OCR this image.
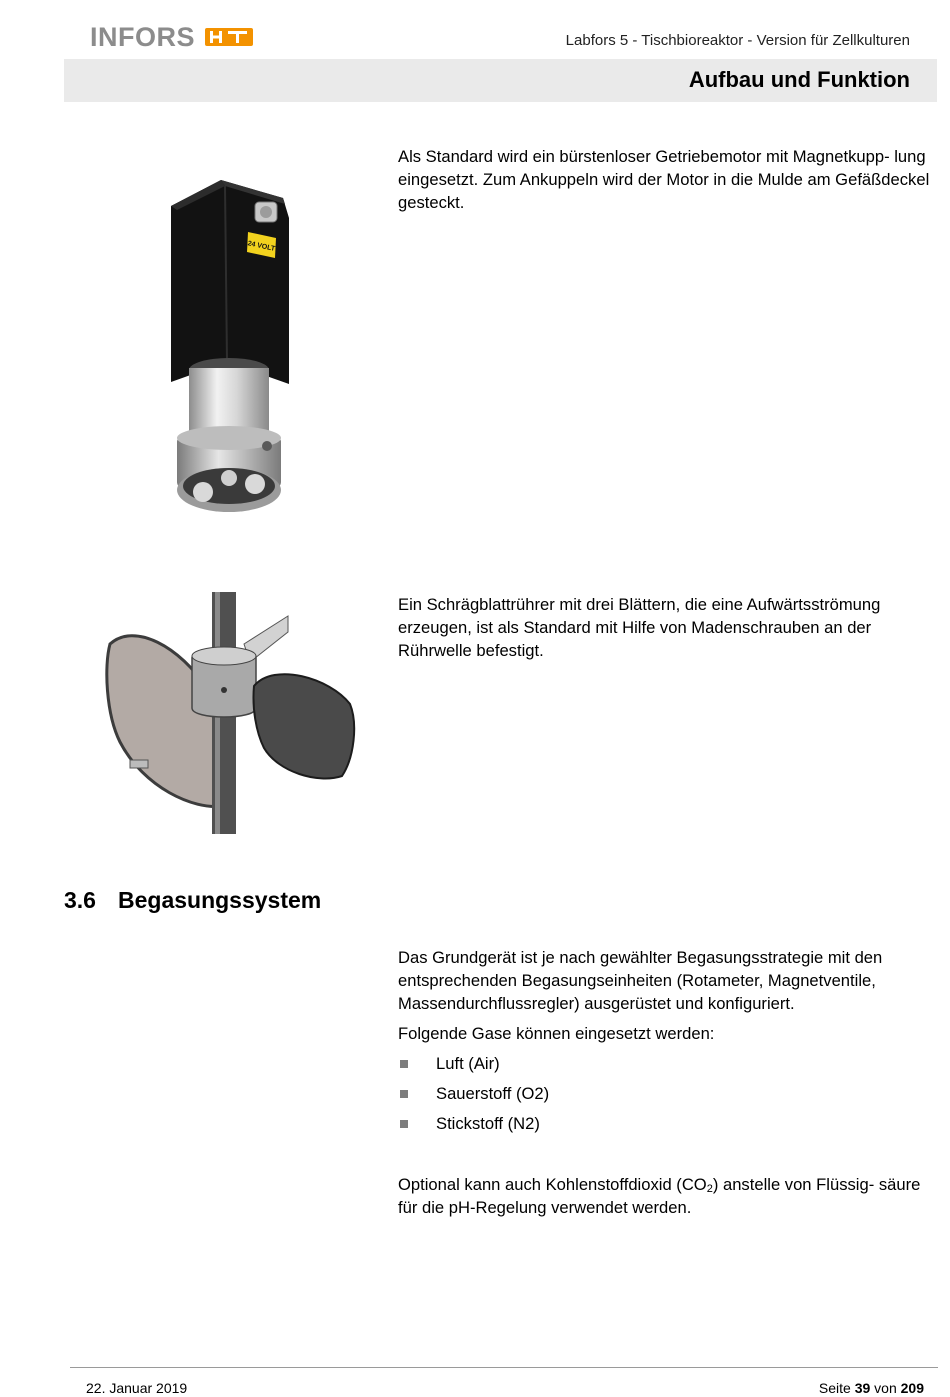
INFORS	Labfors 5 - Tischbioreaktor - Version für Zellkulturen
Aufbau und Funktion
24 VOLT

Als Standard wird ein bürstenloser Getriebemotor mit Magnetkupp- lung eingesetzt. Zum Ankuppeln wird der Motor in die Mulde am Gefäßdeckel gesteckt.

Ein Schrägblattrührer mit drei Blättern, die eine Aufwärtsströmung erzeugen, ist als Standard mit Hilfe von Madenschrauben an der Rührwelle befestigt.

3.6 Begasungssystem

Das Grundgerät ist je nach gewählter Begasungsstrategie mit den entsprechenden Begasungseinheiten (Rotameter, Magnetventile, Massendurchflussregler) ausgerüstet und konfiguriert.

Folgende Gase können eingesetzt werden:

Luft (Air)
Sauerstoff (O2)
Stickstoff (N2)

Optional kann auch Kohlenstoffdioxid $(CO_2)$ anstelle von Flüssig- säure für die pH-Regelung verwendet werden.

22. Januar 2019	Seite 39 von 209
